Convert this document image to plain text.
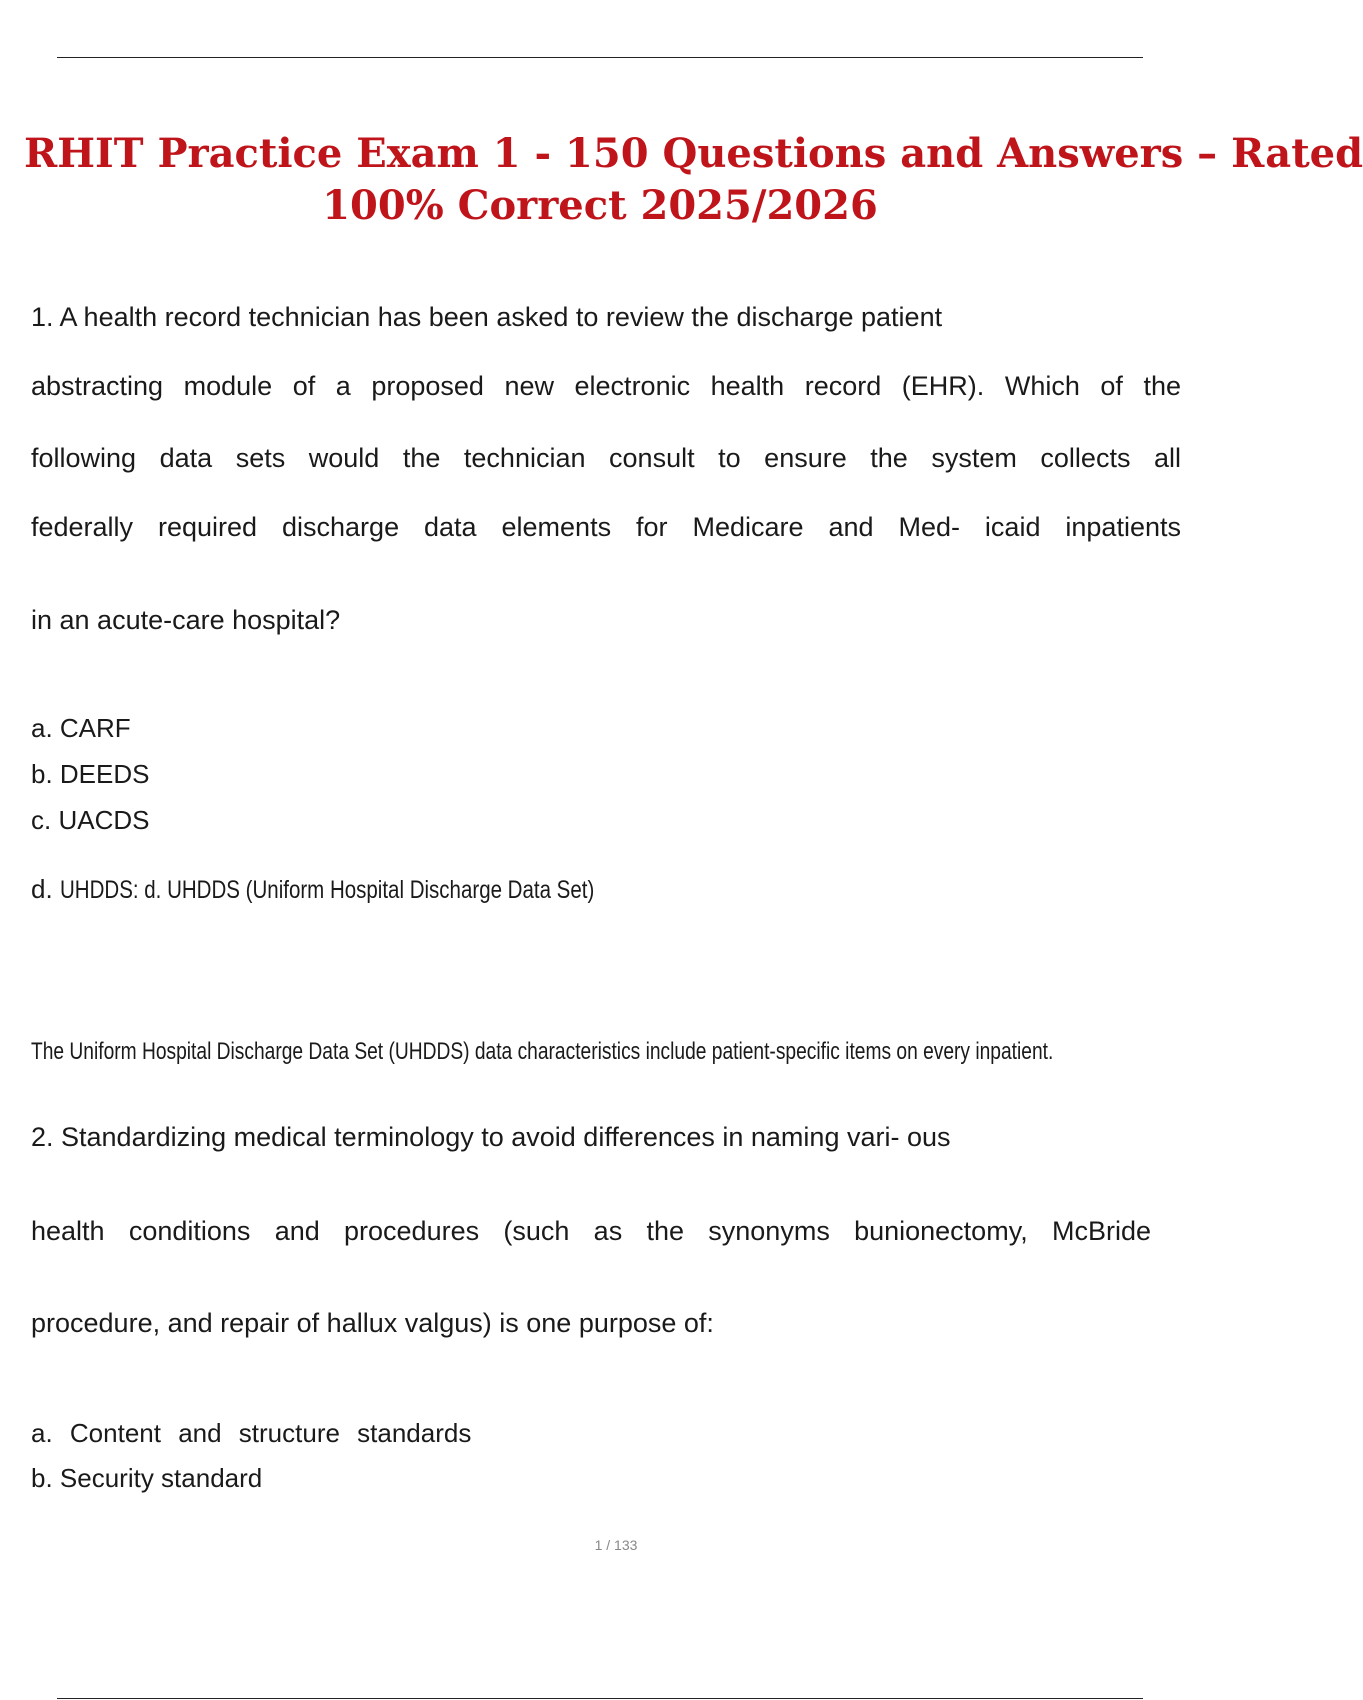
RHIT Practice Exam 1 - 150 Questions and Answers – Rated
100% Correct 2025/2026
1. A health record technician has been asked to review the discharge patient
abstracting module of a proposed new electronic health record (EHR). Which of the
following data sets would the technician consult to ensure the system collects all
federally required discharge data elements for Medicare and Med- icaid inpatients
in an acute-care hospital?
a. CARF
b. DEEDS
c. UACDS
d. UHDDS: d. UHDDS (Uniform Hospital Discharge Data Set)
The Uniform Hospital Discharge Data Set (UHDDS) data characteristics include patient-specific items on every inpatient.
2. Standardizing medical terminology to avoid differences in naming vari- ous
health conditions and procedures (such as the synonyms bunionectomy, McBride
procedure, and repair of hallux valgus) is one purpose of:
a. Content and structure standards
b. Security standard
1 / 133
